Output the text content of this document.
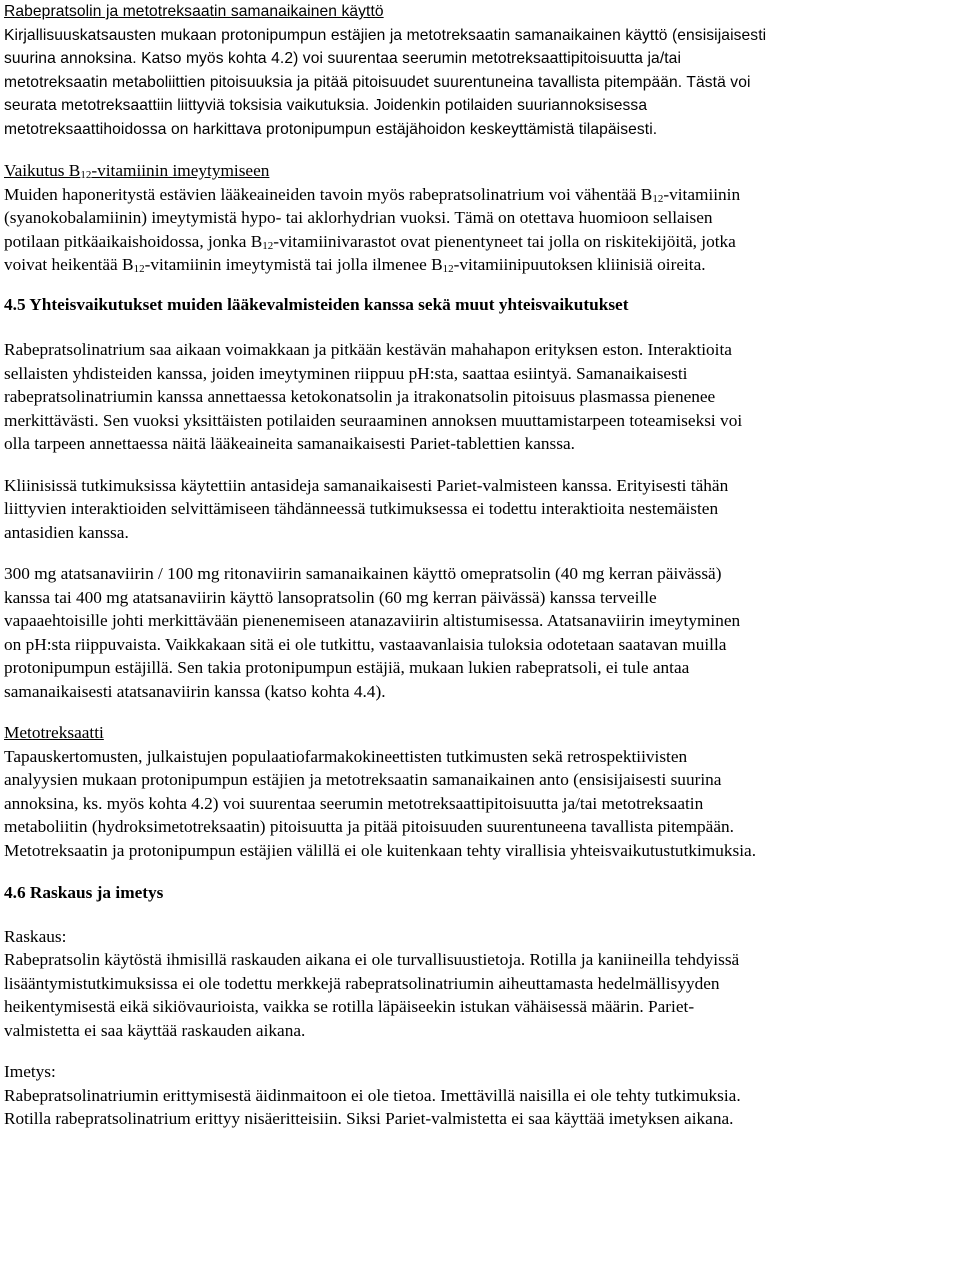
Rabepratsolin ja metotreksaatin samanaikainen käyttö
Kirjallisuuskatsausten mukaan protonipumpun estäjien ja metotreksaatin samanaikainen käyttö (ensisijaisesti
suurina annoksina. Katso myös kohta 4.2) voi suurentaa seerumin metotreksaattipitoisuutta ja/tai
metotreksaatin metaboliittien pitoisuuksia ja pitää pitoisuudet suurentuneina tavallista pitempään. Tästä voi
seurata metotreksaattiin liittyviä toksisia vaikutuksia. Joidenkin potilaiden suuriannoksisessa
metotreksaattihoidossa on harkittava protonipumpun estäjähoidon keskeyttämistä tilapäisesti.
Vaikutus $B_{12}$-vitamiinin imeytymiseen
Muiden haponeritystä estävien lääkeaineiden tavoin myös rabepratsolinatrium voi vähentää $B_{12}$-vitamiinin
(syanokobalamiinin) imeytymistä hypo- tai aklorhydrian vuoksi. Tämä on otettava huomioon sellaisen
potilaan pitkäaikaishoidossa, jonka $B_{12}$-vitamiinivarastot ovat pienentyneet tai jolla on riskitekijöitä, jotka
voivat heikentää $B_{12}$-vitamiinin imeytymistä tai jolla ilmenee $B_{12}$-vitamiinipuutoksen kliinisiä oireita.
4.5 Yhteisvaikutukset muiden lääkevalmisteiden kanssa sekä muut yhteisvaikutukset
Rabepratsolinatrium saa aikaan voimakkaan ja pitkään kestävän mahahapon erityksen eston. Interaktioita
sellaisten yhdisteiden kanssa, joiden imeytyminen riippuu pH:sta, saattaa esiintyä. Samanaikaisesti
rabepratsolinatriumin kanssa annettaessa ketokonatsolin ja itrakonatsolin pitoisuus plasmassa pienenee
merkittävästi. Sen vuoksi yksittäisten potilaiden seuraaminen annoksen muuttamistarpeen toteamiseksi voi
olla tarpeen annettaessa näitä lääkeaineita samanaikaisesti Pariet-tablettien kanssa.
Kliinisissä tutkimuksissa käytettiin antasideja samanaikaisesti Pariet-valmisteen kanssa. Erityisesti tähän
liittyvien interaktioiden selvittämiseen tähdänneessä tutkimuksessa ei todettu interaktioita nestemäisten
antasidien kanssa.
300 mg atatsanaviirin / 100 mg ritonaviirin samanaikainen käyttö omepratsolin (40 mg kerran päivässä)
kanssa tai 400 mg atatsanaviirin käyttö lansopratsolin (60 mg kerran päivässä) kanssa terveille
vapaaehtoisille johti merkittävään pienenemiseen atanazaviirin altistumisessa. Atatsanaviirin imeytyminen
on pH:sta riippuvaista. Vaikkakaan sitä ei ole tutkittu, vastaavanlaisia tuloksia odotetaan saatavan muilla
protonipumpun estäjillä. Sen takia protonipumpun estäjiä, mukaan lukien rabepratsoli, ei tule antaa
samanaikaisesti atatsanaviirin kanssa (katso kohta 4.4).
Metotreksaatti
Tapauskertomusten, julkaistujen populaatiofarmakokineettisten tutkimusten sekä retrospektiivisten
analyysien mukaan protonipumpun estäjien ja metotreksaatin samanaikainen anto (ensisijaisesti suurina
annoksina, ks. myös kohta 4.2) voi suurentaa seerumin metotreksaattipitoisuutta ja/tai metotreksaatin
metaboliitin (hydroksimetotreksaatin) pitoisuutta ja pitää pitoisuuden suurentuneena tavallista pitempään.
Metotreksaatin ja protonipumpun estäjien välillä ei ole kuitenkaan tehty virallisia yhteisvaikutustutkimuksia.
4.6 Raskaus ja imetys
Raskaus:
Rabepratsolin käytöstä ihmisillä raskauden aikana ei ole turvallisuustietoja. Rotilla ja kaniineilla tehdyissä
lisääntymistutkimuksissa ei ole todettu merkkejä rabepratsolinatriumin aiheuttamasta hedelmällisyyden
heikentymisestä eikä sikiövaurioista, vaikka se rotilla läpäiseekin istukan vähäisessä määrin. Pariet-
valmistetta ei saa käyttää raskauden aikana.
Imetys:
Rabepratsolinatriumin erittymisestä äidinmaitoon ei ole tietoa. Imettävillä naisilla ei ole tehty tutkimuksia.
Rotilla rabepratsolinatrium erittyy nisäeritteisiin. Siksi Pariet-valmistetta ei saa käyttää imetyksen aikana.
